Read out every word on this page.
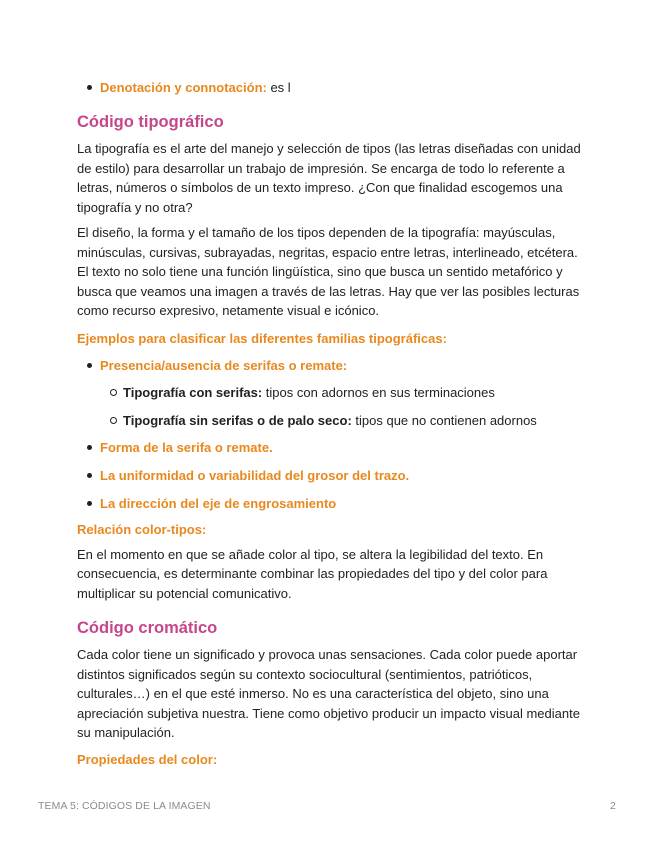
Denotación y connotación: es l
Código tipográfico

La tipografía es el arte del manejo y selección de tipos (las letras diseñadas con unidad de estilo) para desarrollar un trabajo de impresión. Se encarga de todo lo referente a letras, números o símbolos de un texto impreso. ¿Con que finalidad escogemos una tipografía y no otra?

El diseño, la forma y el tamaño de los tipos dependen de la tipografía: mayúsculas, minúsculas, cursivas, subrayadas, negritas, espacio entre letras, interlineado, etcétera. El texto no solo tiene una función lingüística, sino que busca un sentido metafórico y busca que veamos una imagen a través de las letras. Hay que ver las posibles lecturas como recurso expresivo, netamente visual e icónico.

Ejemplos para clasificar las diferentes familias tipográficas:
Presencia/ausencia de serifas o remate:
Tipografía con serifas: tipos con adornos en sus terminaciones
Tipografía sin serifas o de palo seco: tipos que no contienen adornos
Forma de la serifa o remate.
La uniformidad o variabilidad del grosor del trazo.
La dirección del eje de engrosamiento
Relación color-tipos:

En el momento en que se añade color al tipo, se altera la legibilidad del texto. En consecuencia, es determinante combinar las propiedades del tipo y del color para multiplicar su potencial comunicativo.

Código cromático

Cada color tiene un significado y provoca unas sensaciones. Cada color puede aportar distintos significados según su contexto sociocultural (sentimientos, patrióticos, culturales…) en el que esté inmerso. No es una característica del objeto, sino una apreciación subjetiva nuestra. Tiene como objetivo producir un impacto visual mediante su manipulación.

Propiedades del color:
TEMA 5: CÓDIGOS DE LA IMAGEN	2
